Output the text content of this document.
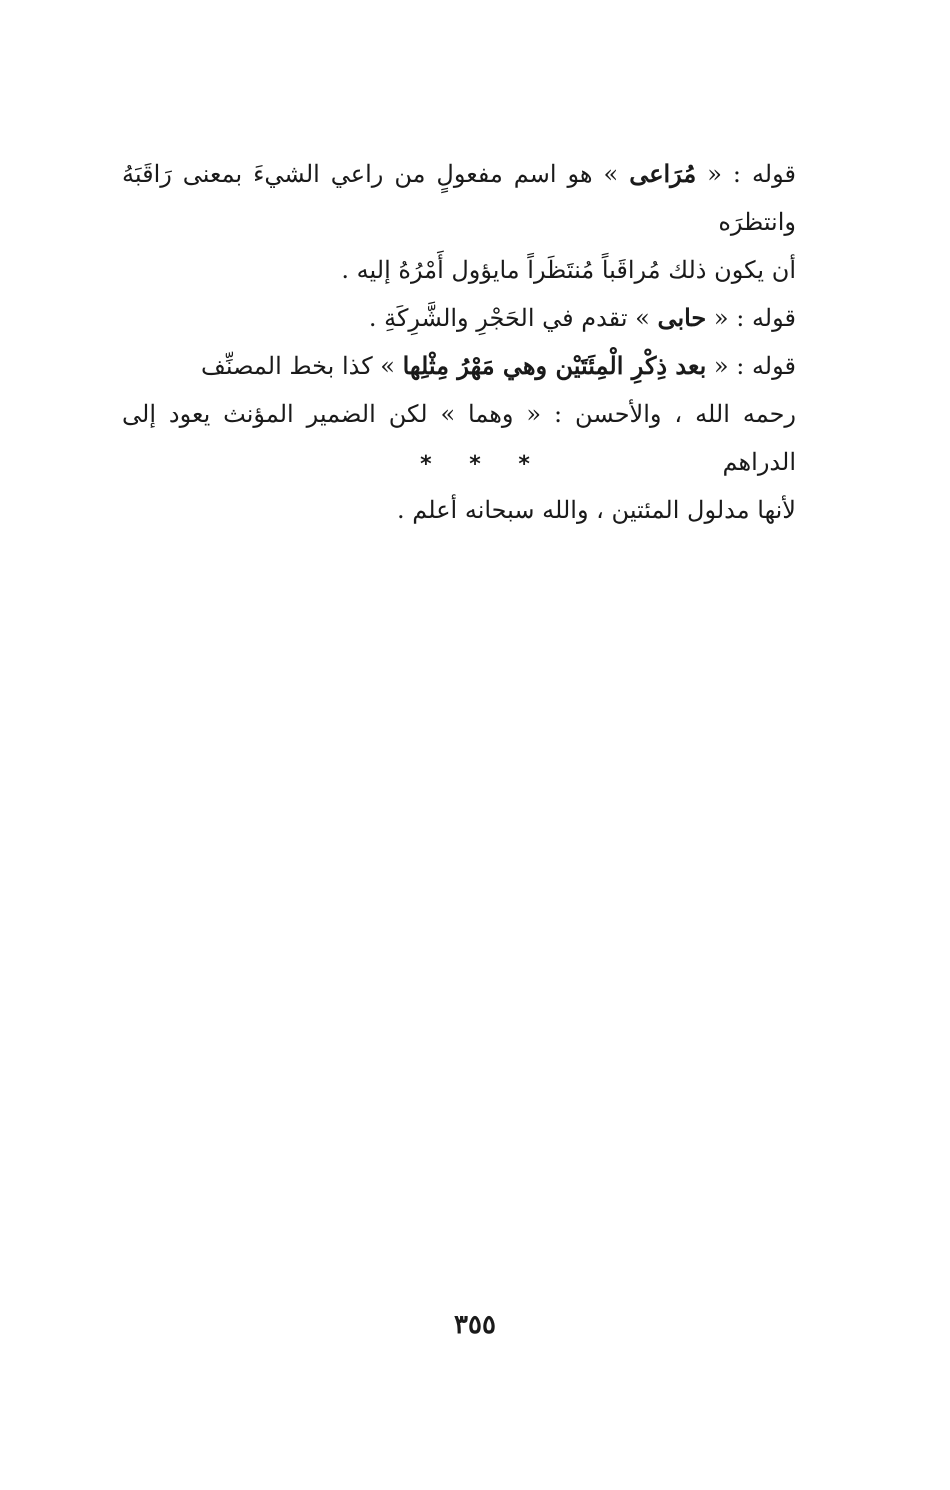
قوله : « مُرَاعى » هو اسم مفعولٍ من راعي الشيءَ بمعنى رَاقَبَهُ وانتظرَه
أن يكون ذلك مُراقَباً مُنتَظَراً مايؤول أَمْرُهُ إليه .
قوله : « حابى » تقدم في الحَجْرِ والشَّرِكَةِ .
قوله : « بعد ذِكْرِ الْمِئَتَيْن وهي مَهْرُ مِثْلِها » كذا بخط المصنِّف
رحمه الله ، والأحسن : « وهما » لكن الضمير المؤنث يعود إلى الدراهم
لأنها مدلول المئتين ، والله سبحانه أعلم .
* * *
٣٥٥
